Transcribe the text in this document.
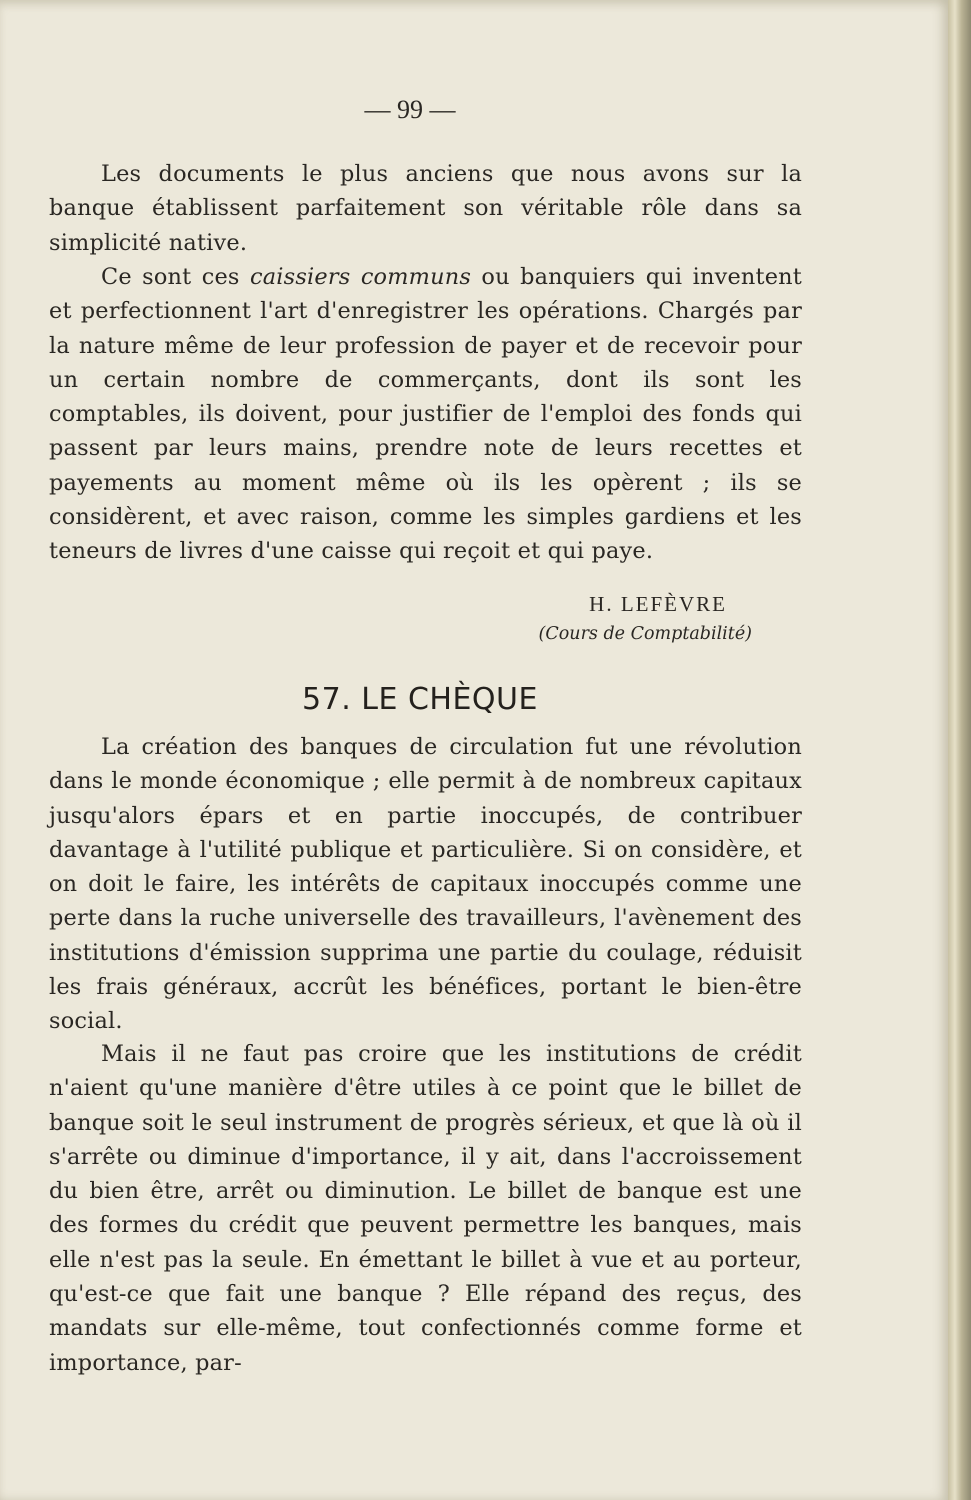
— 99 —

Les documents le plus anciens que nous avons sur la banque établissent parfaitement son véritable rôle dans sa simplicité native.

Ce sont ces caissiers communs ou banquiers qui inventent et perfectionnent l'art d'enregistrer les opérations. Chargés par la nature même de leur profession de payer et de recevoir pour un certain nombre de commerçants, dont ils sont les comptables, ils doivent, pour justifier de l'emploi des fonds qui passent par leurs mains, prendre note de leurs recettes et payements au moment même où ils les opèrent ; ils se considèrent, et avec raison, comme les simples gardiens et les teneurs de livres d'une caisse qui reçoit et qui paye.

H. LEFÈVRE
(Cours de Comptabilité)
57. LE CHÈQUE

La création des banques de circulation fut une révolution dans le monde économique ; elle permit à de nombreux capitaux jusqu'alors épars et en partie inoccupés, de contribuer davantage à l'utilité publique et particulière. Si on considère, et on doit le faire, les intérêts de capitaux inoccupés comme une perte dans la ruche universelle des travailleurs, l'avènement des institutions d'émission supprima une partie du coulage, réduisit les frais généraux, accrût les bénéfices, portant le bien-être social.

Mais il ne faut pas croire que les institutions de crédit n'aient qu'une manière d'être utiles à ce point que le billet de banque soit le seul instrument de progrès sérieux, et que là où il s'arrête ou diminue d'importance, il y ait, dans l'accroissement du bien être, arrêt ou diminution. Le billet de banque est une des formes du crédit que peuvent permettre les banques, mais elle n'est pas la seule. En émettant le billet à vue et au porteur, qu'est-ce que fait une banque ? Elle répand des reçus, des mandats sur elle-même, tout confectionnés comme forme et importance, par-
